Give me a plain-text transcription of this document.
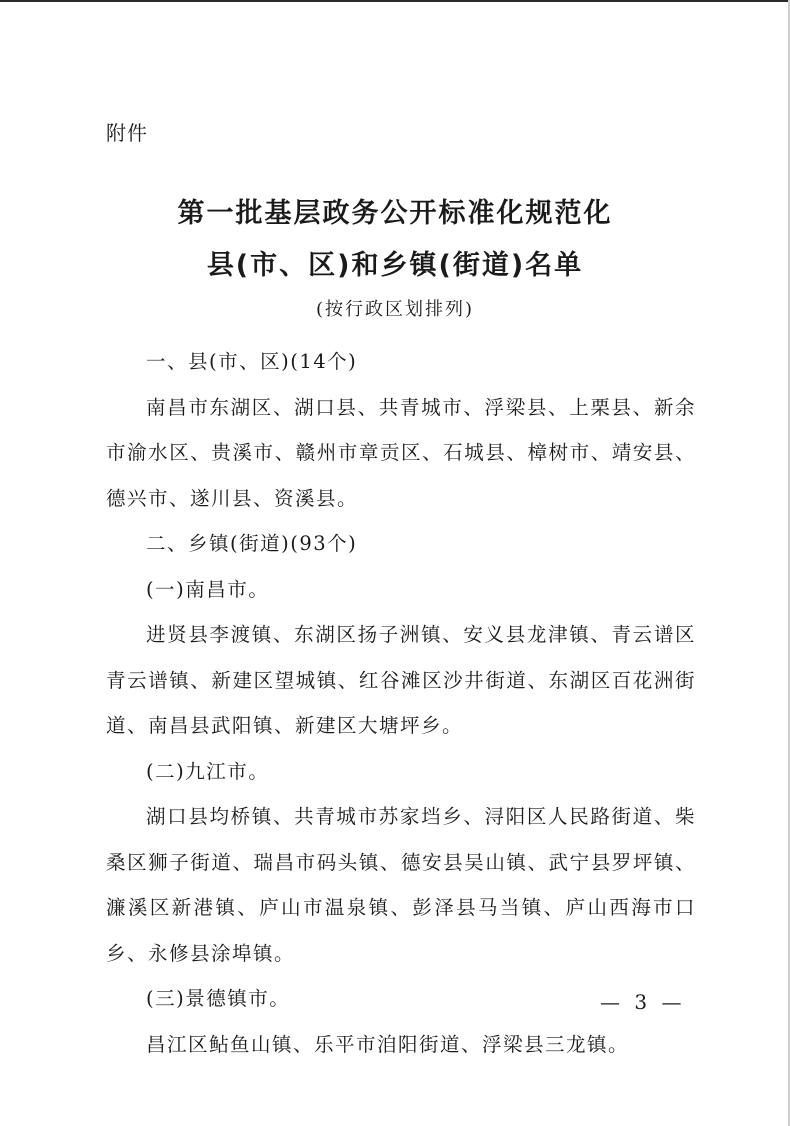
附件
第一批基层政务公开标准化规范化
县(市、区)和乡镇(街道)名单
(按行政区划排列)

一、县(市、区)(14个)

南昌市东湖区、湖口县、共青城市、浮梁县、上栗县、新余市渝水区、贵溪市、赣州市章贡区、石城县、樟树市、靖安县、德兴市、遂川县、资溪县。

二、乡镇(街道)(93个)

(一)南昌市。

进贤县李渡镇、东湖区扬子洲镇、安义县龙津镇、青云谱区青云谱镇、新建区望城镇、红谷滩区沙井街道、东湖区百花洲街道、南昌县武阳镇、新建区大塘坪乡。

(二)九江市。

湖口县均桥镇、共青城市苏家垱乡、浔阳区人民路街道、柴桑区狮子街道、瑞昌市码头镇、德安县吴山镇、武宁县罗坪镇、濂溪区新港镇、庐山市温泉镇、彭泽县马当镇、庐山西海巿口乡、永修县涂埠镇。

(三)景德镇市。

昌江区鲇鱼山镇、乐平市洎阳街道、浮梁县三龙镇。

— 3 —
